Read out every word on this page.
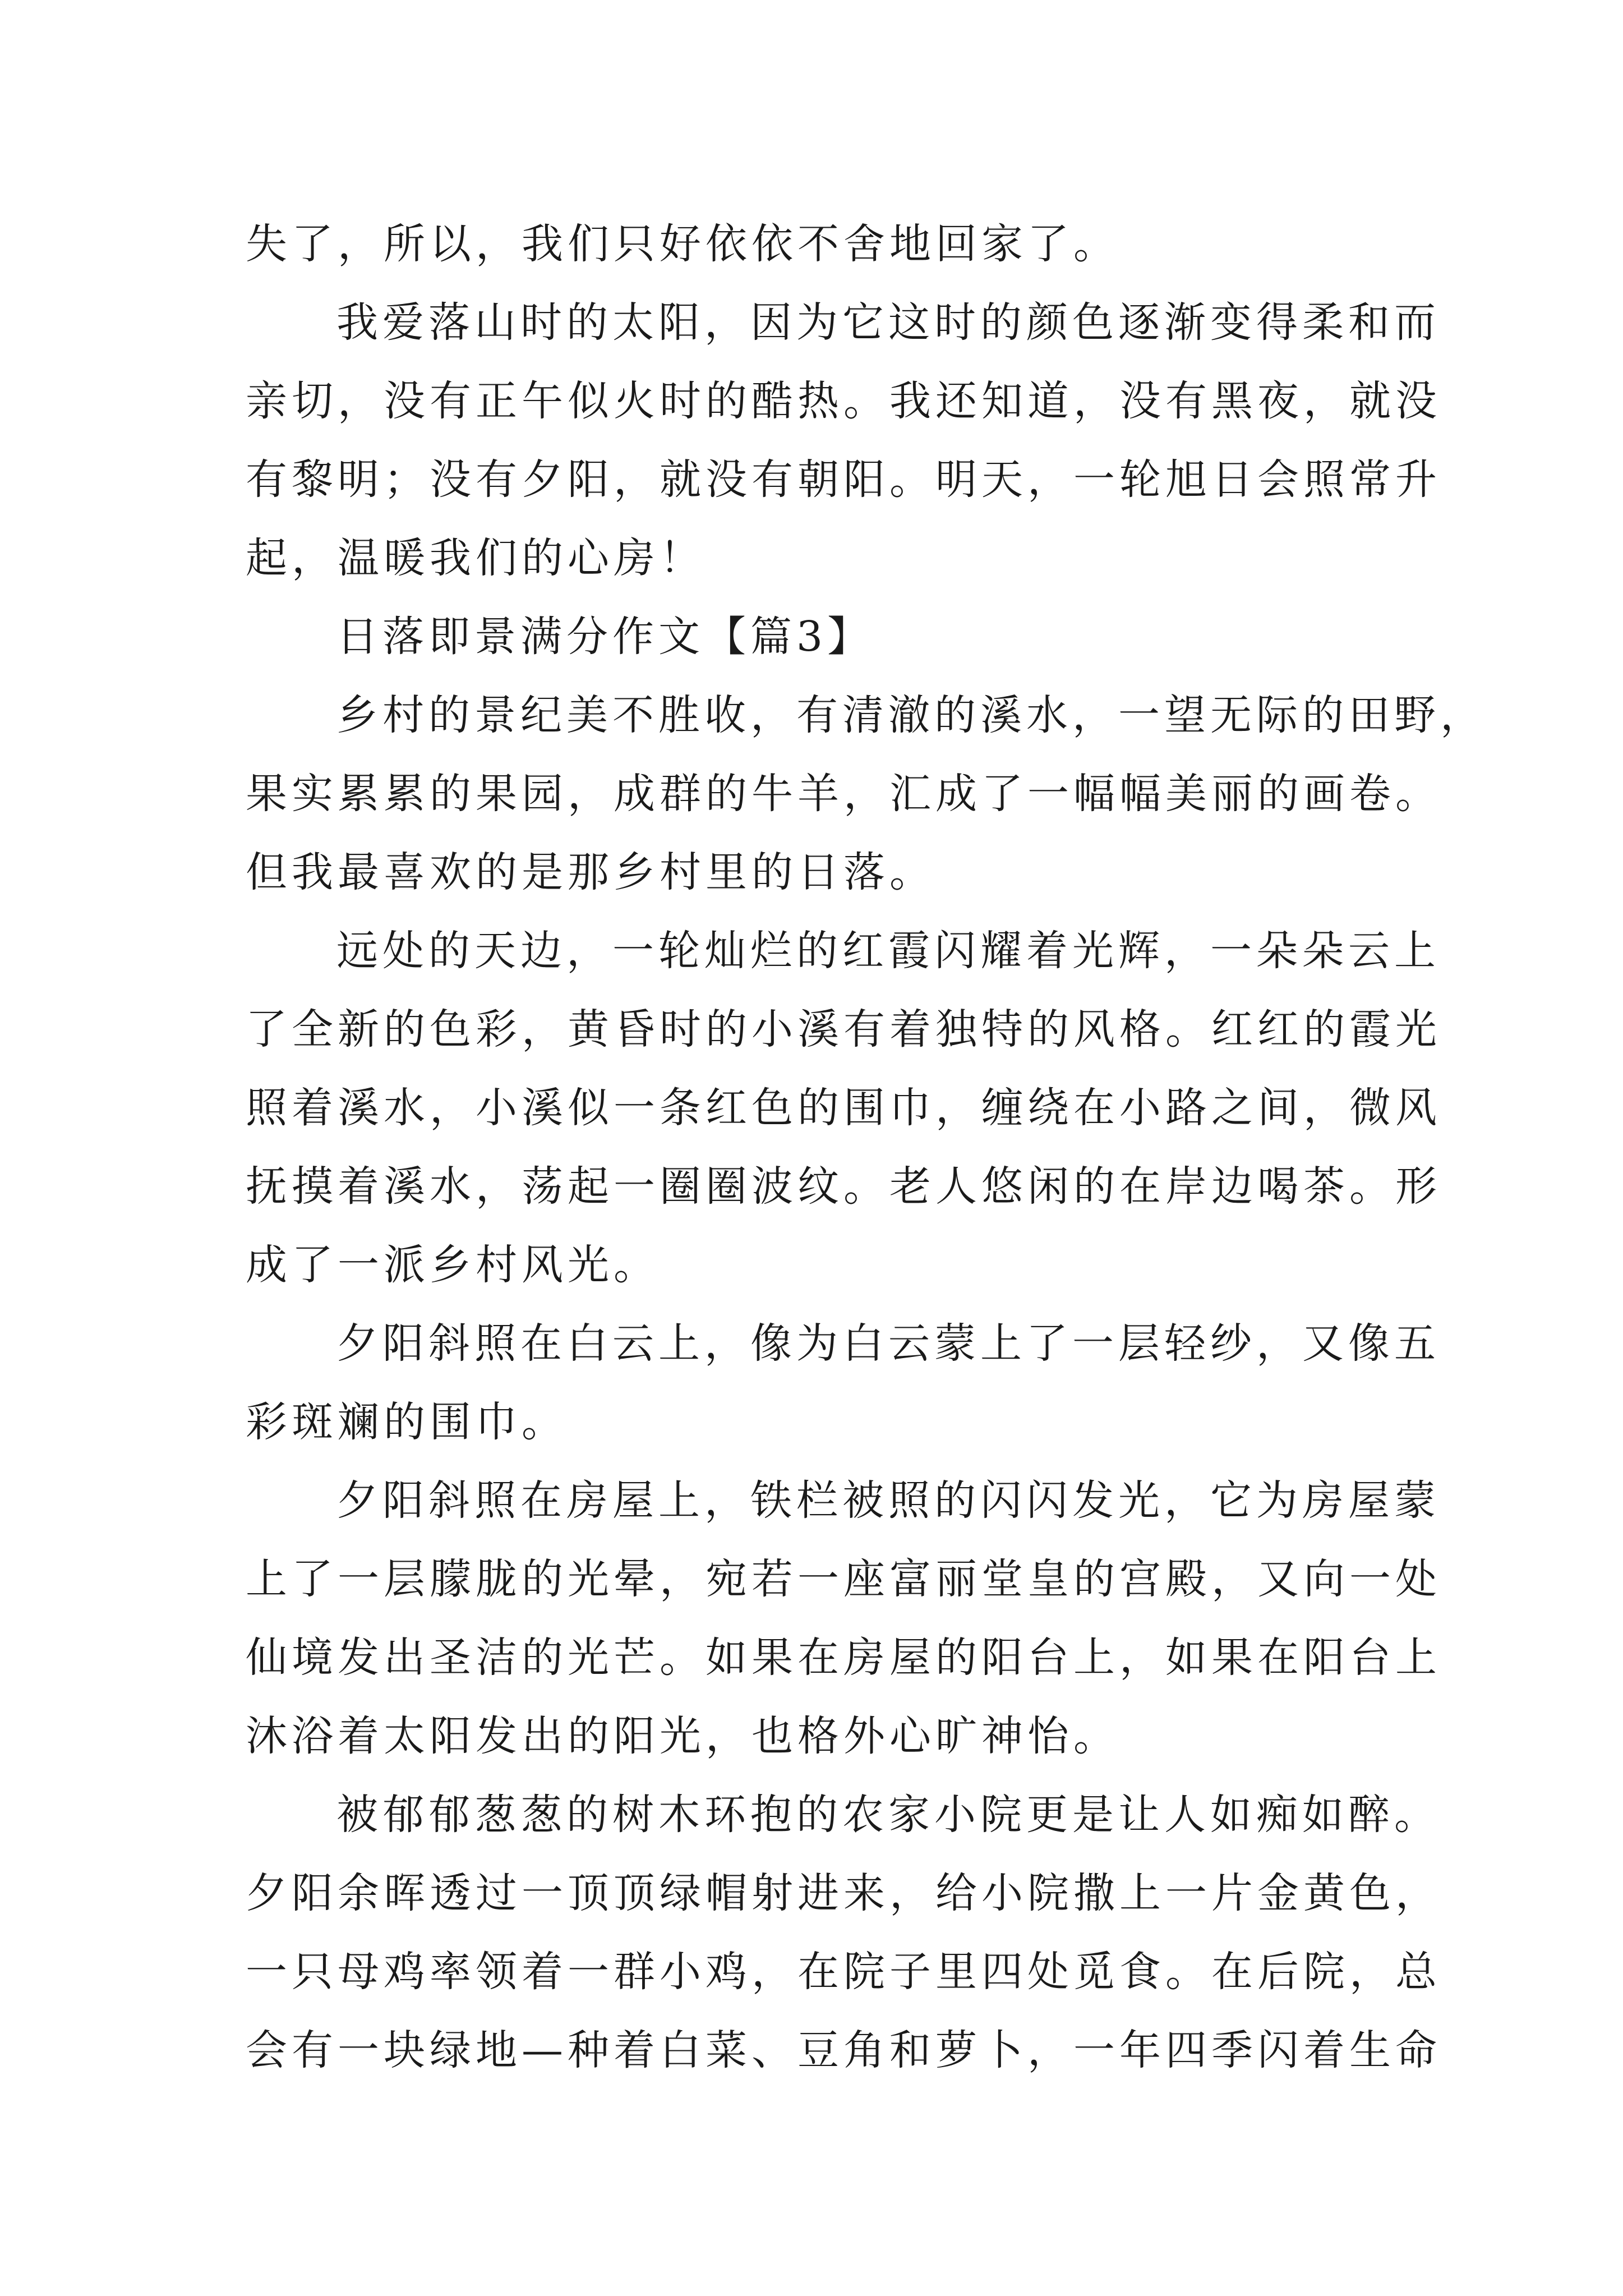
失了，所以，我们只好依依不舍地回家了。
我爱落山时的太阳，因为它这时的颜色逐渐变得柔和而
亲切，没有正午似火时的酷热。我还知道，没有黑夜，就没
有黎明；没有夕阳，就没有朝阳。明天，一轮旭日会照常升
起，温暖我们的心房！
日落即景满分作文【篇3】
乡村的景纪美不胜收，有清澈的溪水，一望无际的田野，
果实累累的果园，成群的牛羊，汇成了一幅幅美丽的画卷。
但我最喜欢的是那乡村里的日落。
远处的天边，一轮灿烂的红霞闪耀着光辉，一朵朵云上
了全新的色彩，黄昏时的小溪有着独特的风格。红红的霞光
照着溪水，小溪似一条红色的围巾，缠绕在小路之间，微风
抚摸着溪水，荡起一圈圈波纹。老人悠闲的在岸边喝茶。形
成了一派乡村风光。
夕阳斜照在白云上，像为白云蒙上了一层轻纱，又像五
彩斑斓的围巾。
夕阳斜照在房屋上，铁栏被照的闪闪发光，它为房屋蒙
上了一层朦胧的光晕，宛若一座富丽堂皇的宫殿，又向一处
仙境发出圣洁的光芒。如果在房屋的阳台上，如果在阳台上
沐浴着太阳发出的阳光，也格外心旷神怡。
被郁郁葱葱的树木环抱的农家小院更是让人如痴如醉。
夕阳余晖透过一顶顶绿帽射进来，给小院撒上一片金黄色，
一只母鸡率领着一群小鸡，在院子里四处觅食。在后院，总
会有一块绿地—种着白菜、豆角和萝卜，一年四季闪着生命
